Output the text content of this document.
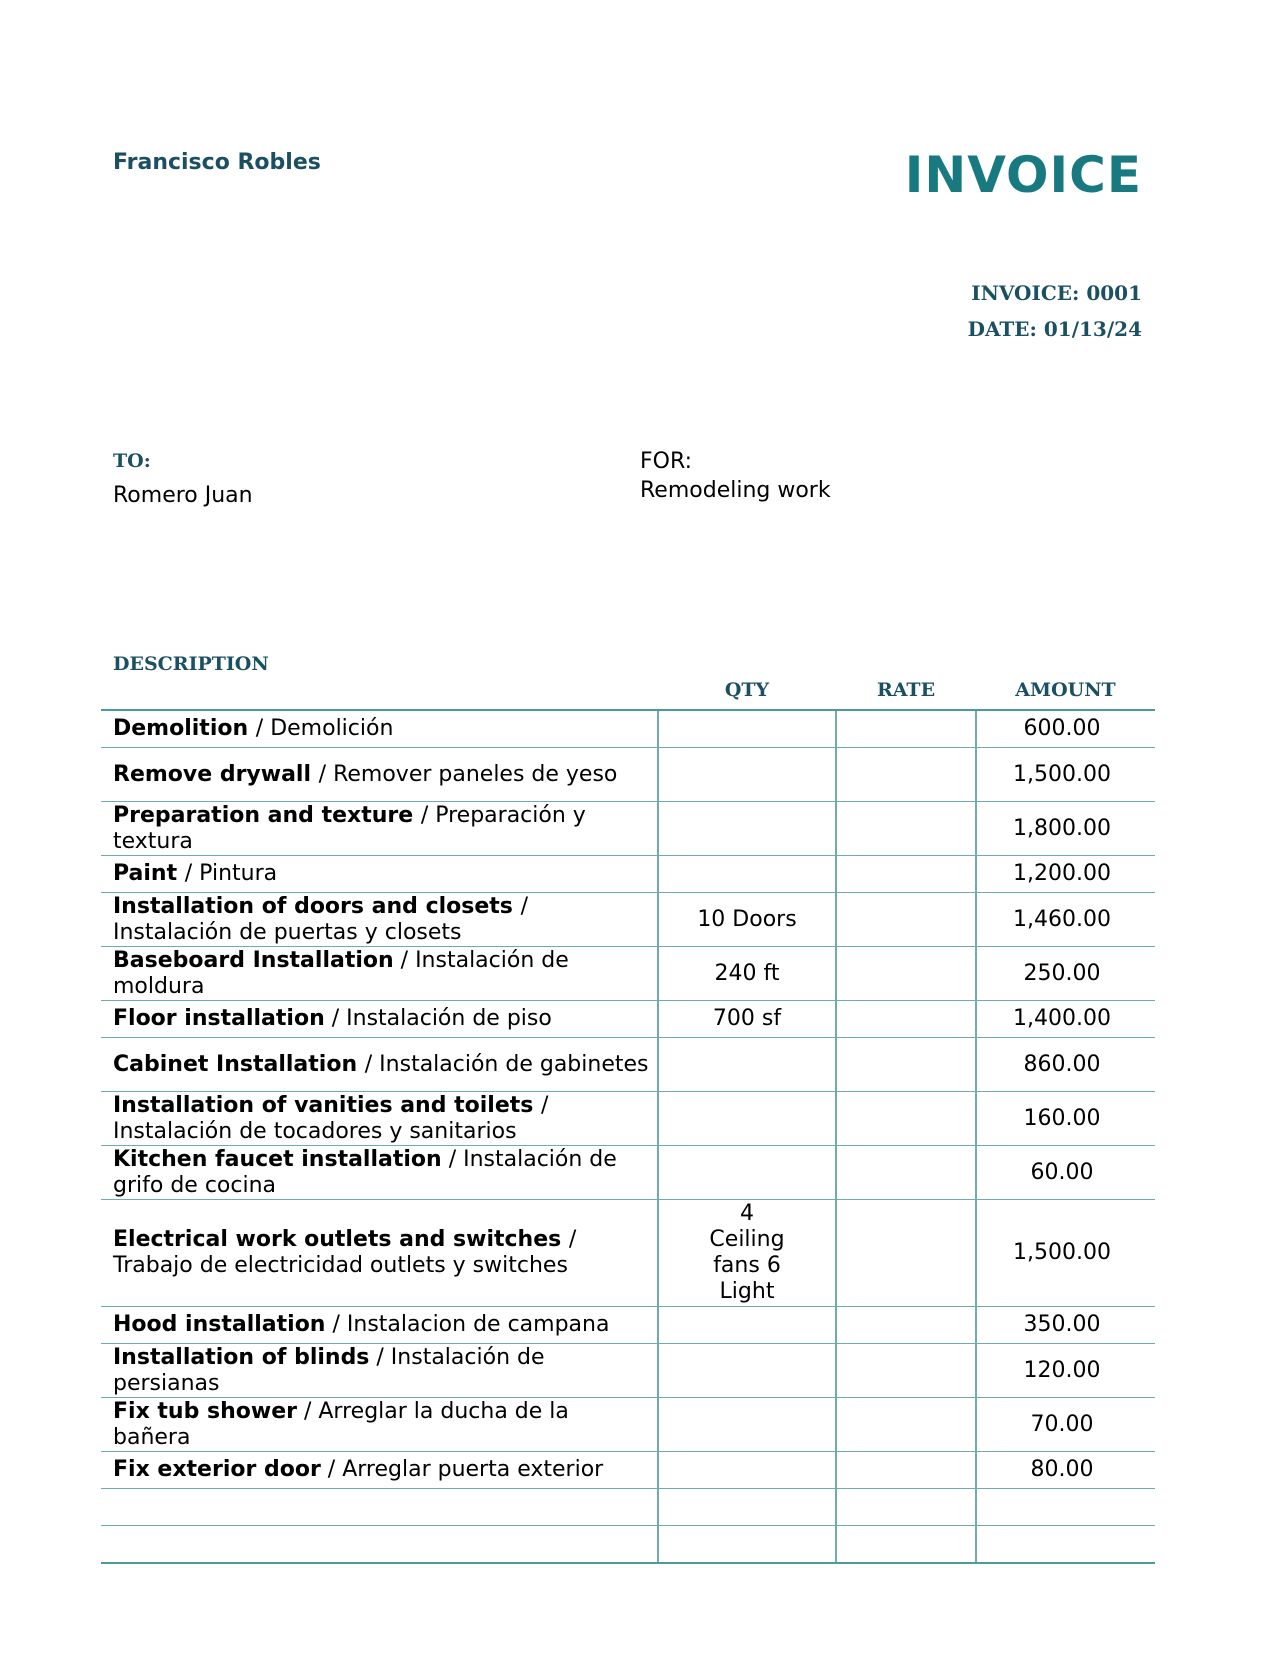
Francisco Robles	INVOICE
INVOICE: 0001
DATE: 01/13/24
TO:
Romero Juan
FOR:
Remodeling work
DESCRIPTION	QTY	RATE	AMOUNT
Demolition / Demolición			600.00
Remove drywall / Remover paneles de yeso			1,500.00
Preparation and texture / Preparación y textura			1,800.00
Paint / Pintura			1,200.00
Installation of doors and closets / Instalación de puertas y closets	10 Doors		1,460.00
Baseboard Installation / Instalación de moldura	240 ft		250.00
Floor installation / Instalación de piso	700 sf		1,400.00
Cabinet Installation / Instalación de gabinetes			860.00
Installation of vanities and toilets / Instalación de tocadores y sanitarios			160.00
Kitchen faucet installation / Instalación de grifo de cocina			60.00
Electrical work outlets and switches / Trabajo de electricidad outlets y switches	4 Ceiling fans 6 Light		1,500.00
Hood installation / Instalacion de campana			350.00
Installation of blinds / Instalación de persianas			120.00
Fix tub shower / Arreglar la ducha de la bañera			70.00
Fix exterior door / Arreglar puerta exterior			80.00
